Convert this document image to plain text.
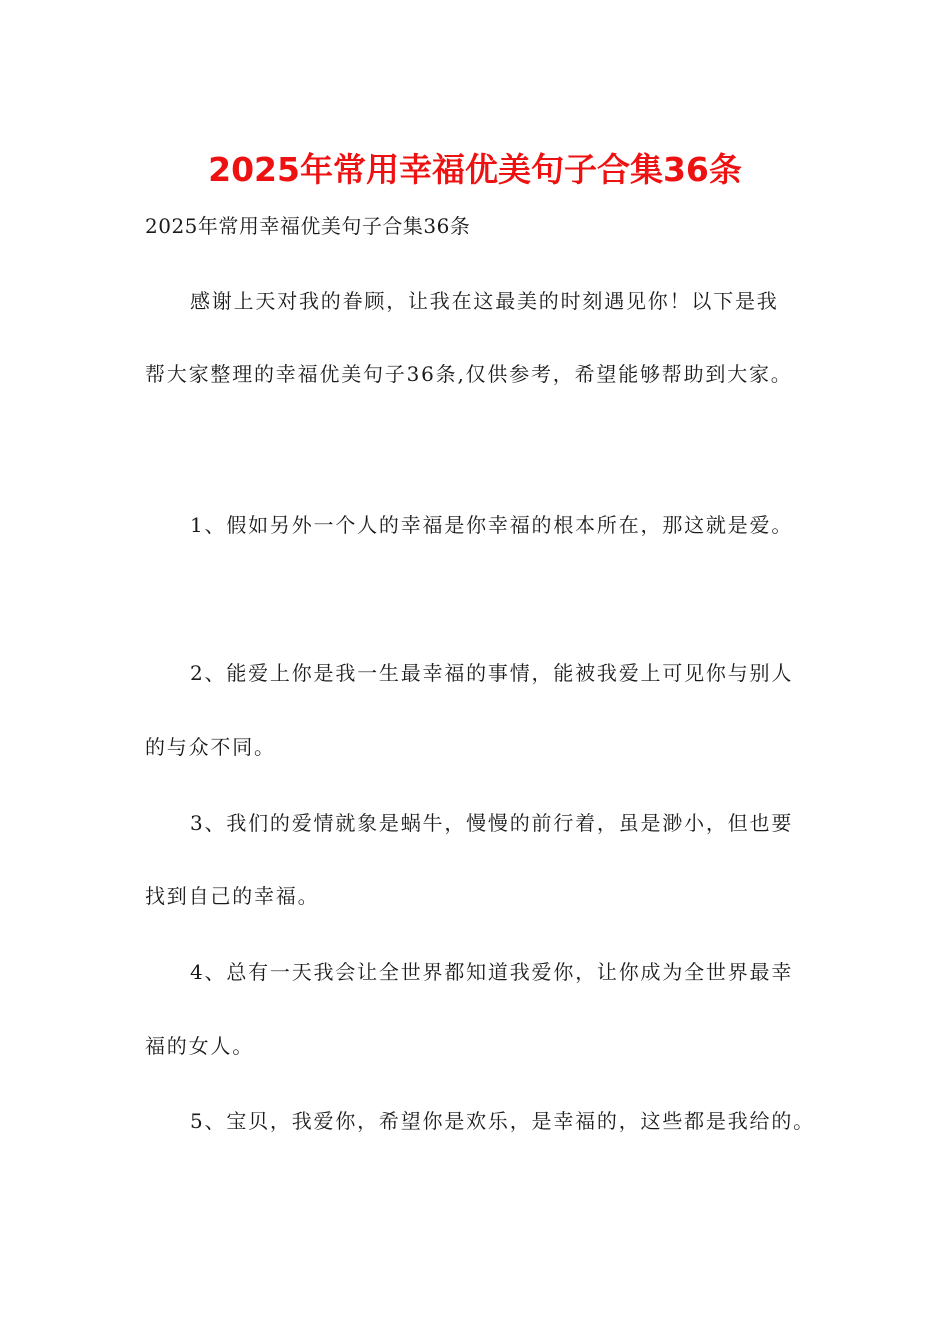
2025年常用幸福优美句子合集36条

2025年常用幸福优美句子合集36条

感谢上天对我的眷顾，让我在这最美的时刻遇见你！以下是我

帮大家整理的幸福优美句子36条,仅供参考，希望能够帮助到大家。

1、假如另外一个人的幸福是你幸福的根本所在，那这就是爱。

2、能爱上你是我一生最幸福的事情，能被我爱上可见你与别人

的与众不同。

3、我们的爱情就象是蜗牛，慢慢的前行着，虽是渺小，但也要

找到自己的幸福。

4、总有一天我会让全世界都知道我爱你，让你成为全世界最幸

福的女人。

5、宝贝，我爱你，希望你是欢乐，是幸福的，这些都是我给的。
